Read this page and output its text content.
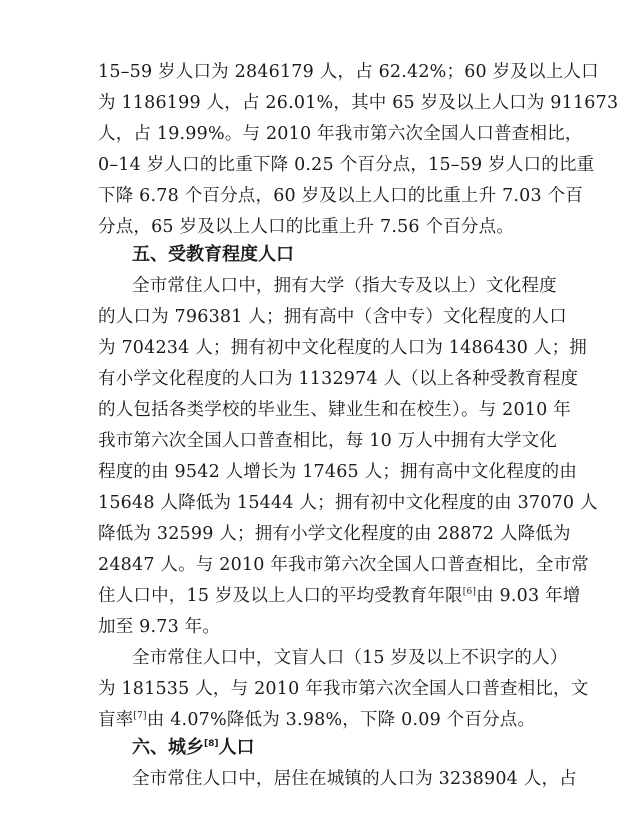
15–59 岁人口为 2846179 人，占 62.42%；60 岁及以上人口
为 1186199 人，占 26.01%，其中 65 岁及以上人口为 911673
人，占 19.99%。与 2010 年我市第六次全国人口普查相比，
0–14 岁人口的比重下降 0.25 个百分点，15–59 岁人口的比重
下降 6.78 个百分点，60 岁及以上人口的比重上升 7.03 个百
分点，65 岁及以上人口的比重上升 7.56 个百分点。
五、受教育程度人口
全市常住人口中，拥有大学（指大专及以上）文化程度
的人口为 796381 人；拥有高中（含中专）文化程度的人口
为 704234 人；拥有初中文化程度的人口为 1486430 人；拥
有小学文化程度的人口为 1132974 人（以上各种受教育程度
的人包括各类学校的毕业生、肄业生和在校生）。与 2010 年
我市第六次全国人口普查相比，每 10 万人中拥有大学文化
程度的由 9542 人增长为 17465 人；拥有高中文化程度的由
15648 人降低为 15444 人；拥有初中文化程度的由 37070 人
降低为 32599 人；拥有小学文化程度的由 28872 人降低为
24847 人。与 2010 年我市第六次全国人口普查相比，全市常
住人口中，15 岁及以上人口的平均受教育年限[6]由 9.03 年增
加至 9.73 年。
全市常住人口中，文盲人口（15 岁及以上不识字的人）
为 181535 人，与 2010 年我市第六次全国人口普查相比，文
盲率[7]由 4.07%降低为 3.98%，下降 0.09 个百分点。
六、城乡[8]人口
全市常住人口中，居住在城镇的人口为 3238904 人，占
